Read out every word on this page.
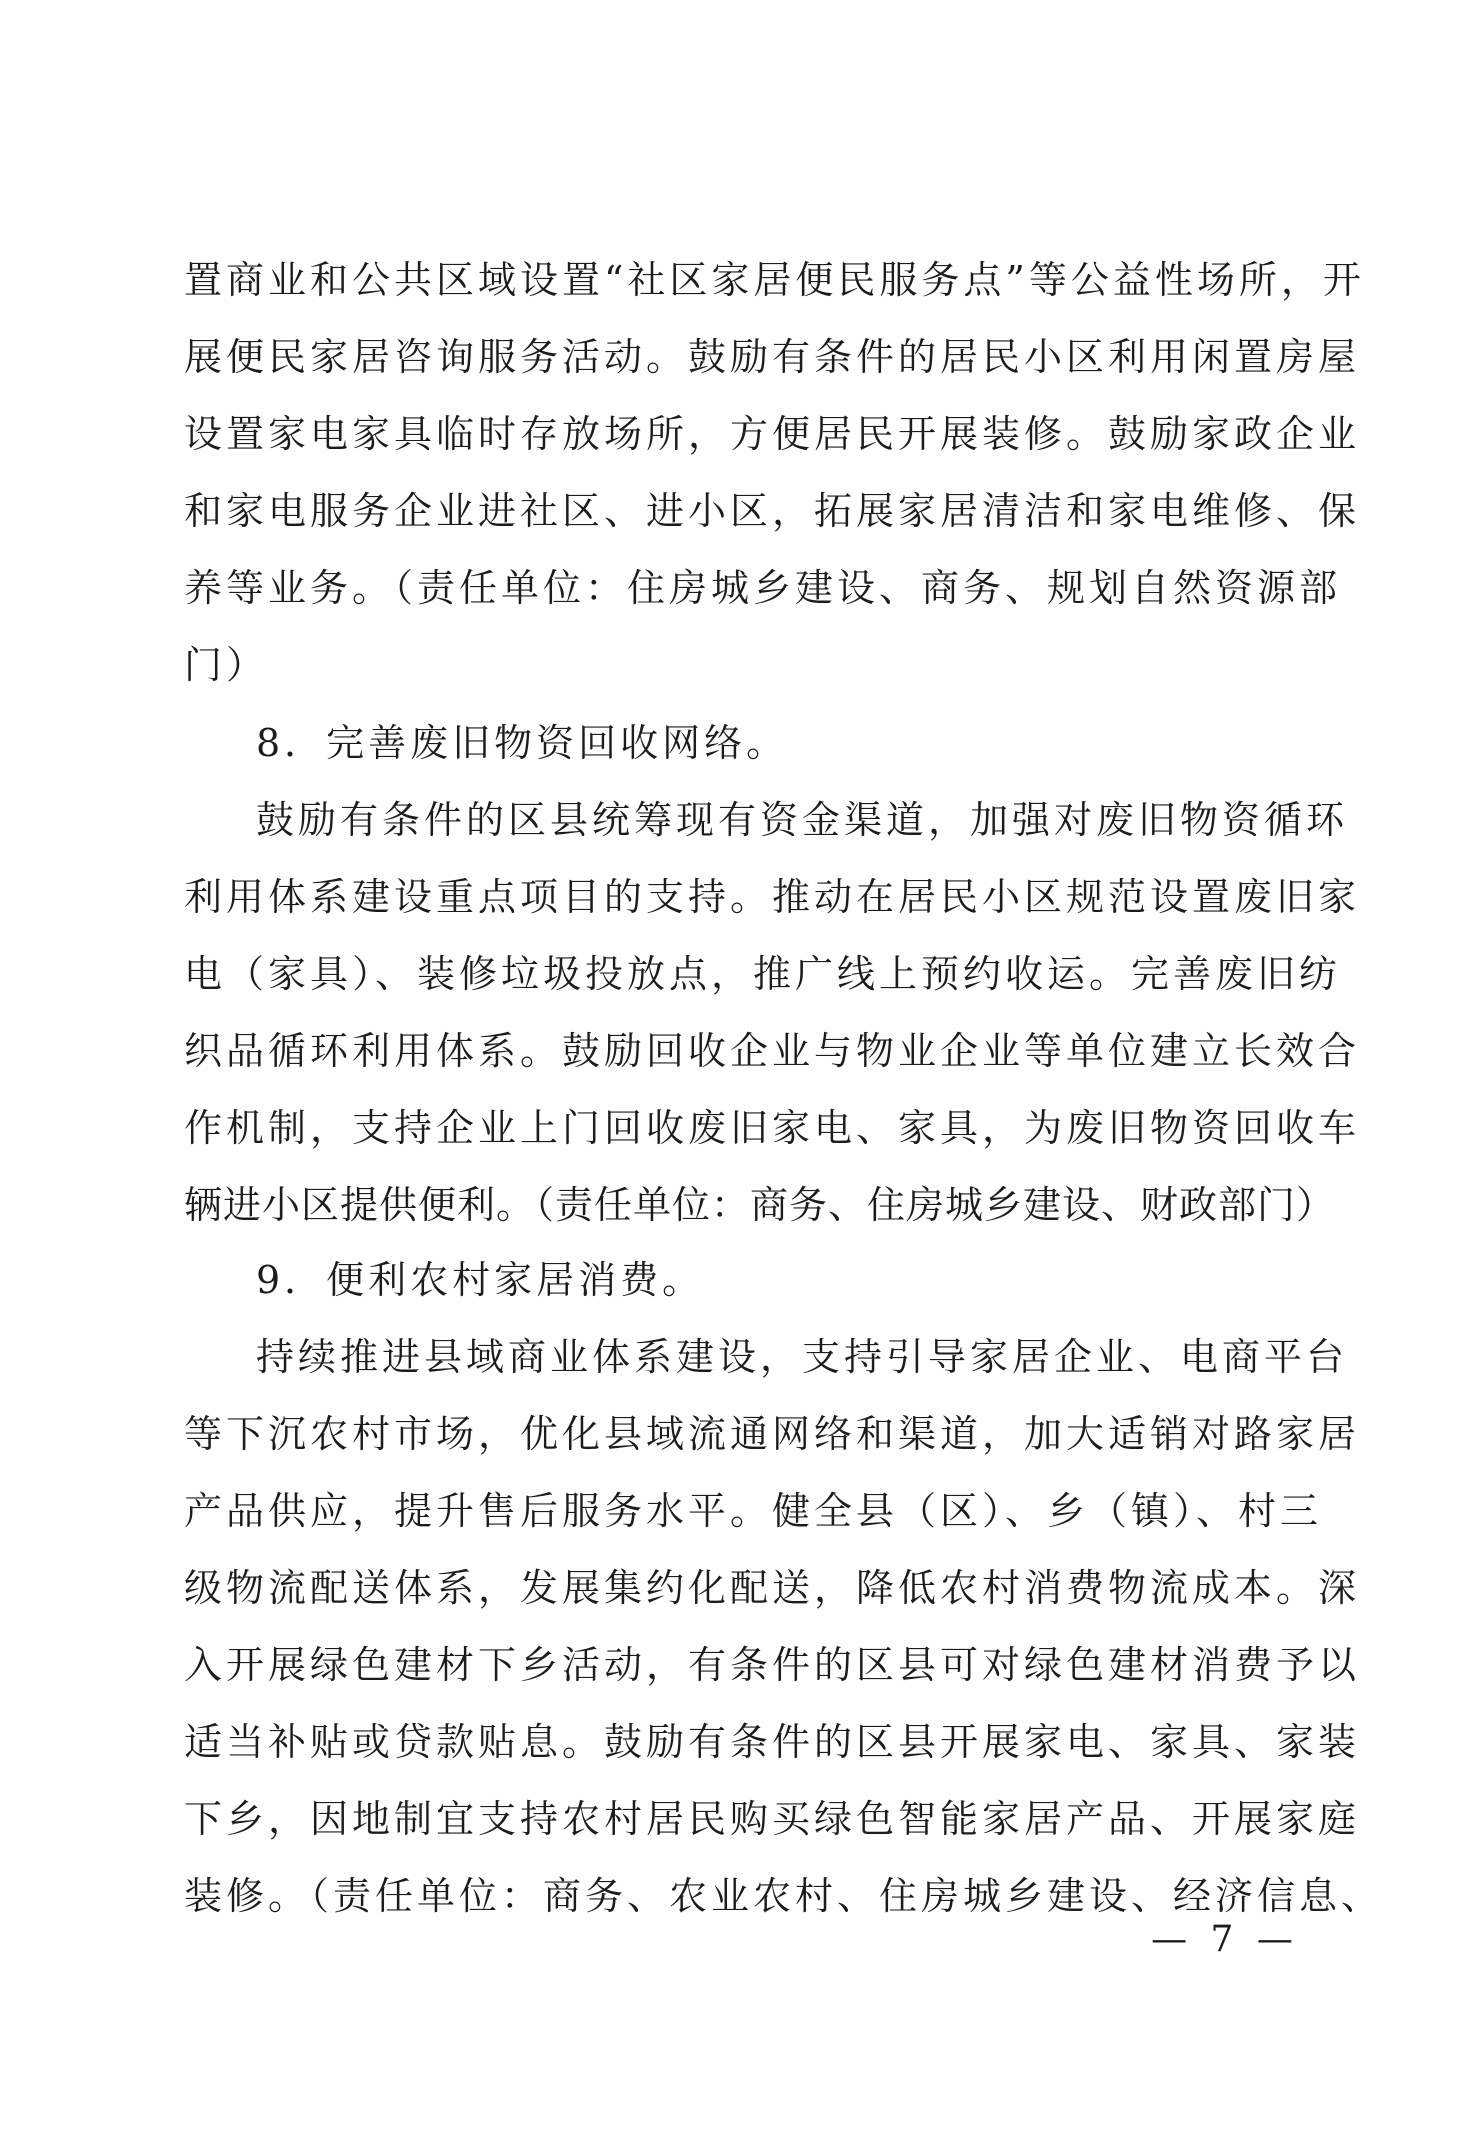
置商业和公共区域设置“社区家居便民服务点”等公益性场所，开
展便民家居咨询服务活动。鼓励有条件的居民小区利用闲置房屋
设置家电家具临时存放场所，方便居民开展装修。鼓励家政企业
和家电服务企业进社区、进小区，拓展家居清洁和家电维修、保
养等业务。（责任单位：住房城乡建设、商务、规划自然资源部
门）
8．完善废旧物资回收网络。
鼓励有条件的区县统筹现有资金渠道，加强对废旧物资循环
利用体系建设重点项目的支持。推动在居民小区规范设置废旧家
电（家具）、装修垃圾投放点，推广线上预约收运。完善废旧纺
织品循环利用体系。鼓励回收企业与物业企业等单位建立长效合
作机制，支持企业上门回收废旧家电、家具，为废旧物资回收车
辆进小区提供便利。（责任单位：商务、住房城乡建设、财政部门）
9．便利农村家居消费。
持续推进县域商业体系建设，支持引导家居企业、电商平台
等下沉农村市场，优化县域流通网络和渠道，加大适销对路家居
产品供应，提升售后服务水平。健全县（区）、乡（镇）、村三
级物流配送体系，发展集约化配送，降低农村消费物流成本。深
入开展绿色建材下乡活动，有条件的区县可对绿色建材消费予以
适当补贴或贷款贴息。鼓励有条件的区县开展家电、家具、家装
下乡，因地制宜支持农村居民购买绿色智能家居产品、开展家庭
装修。（责任单位：商务、农业农村、住房城乡建设、经济信息、
— 7 —
